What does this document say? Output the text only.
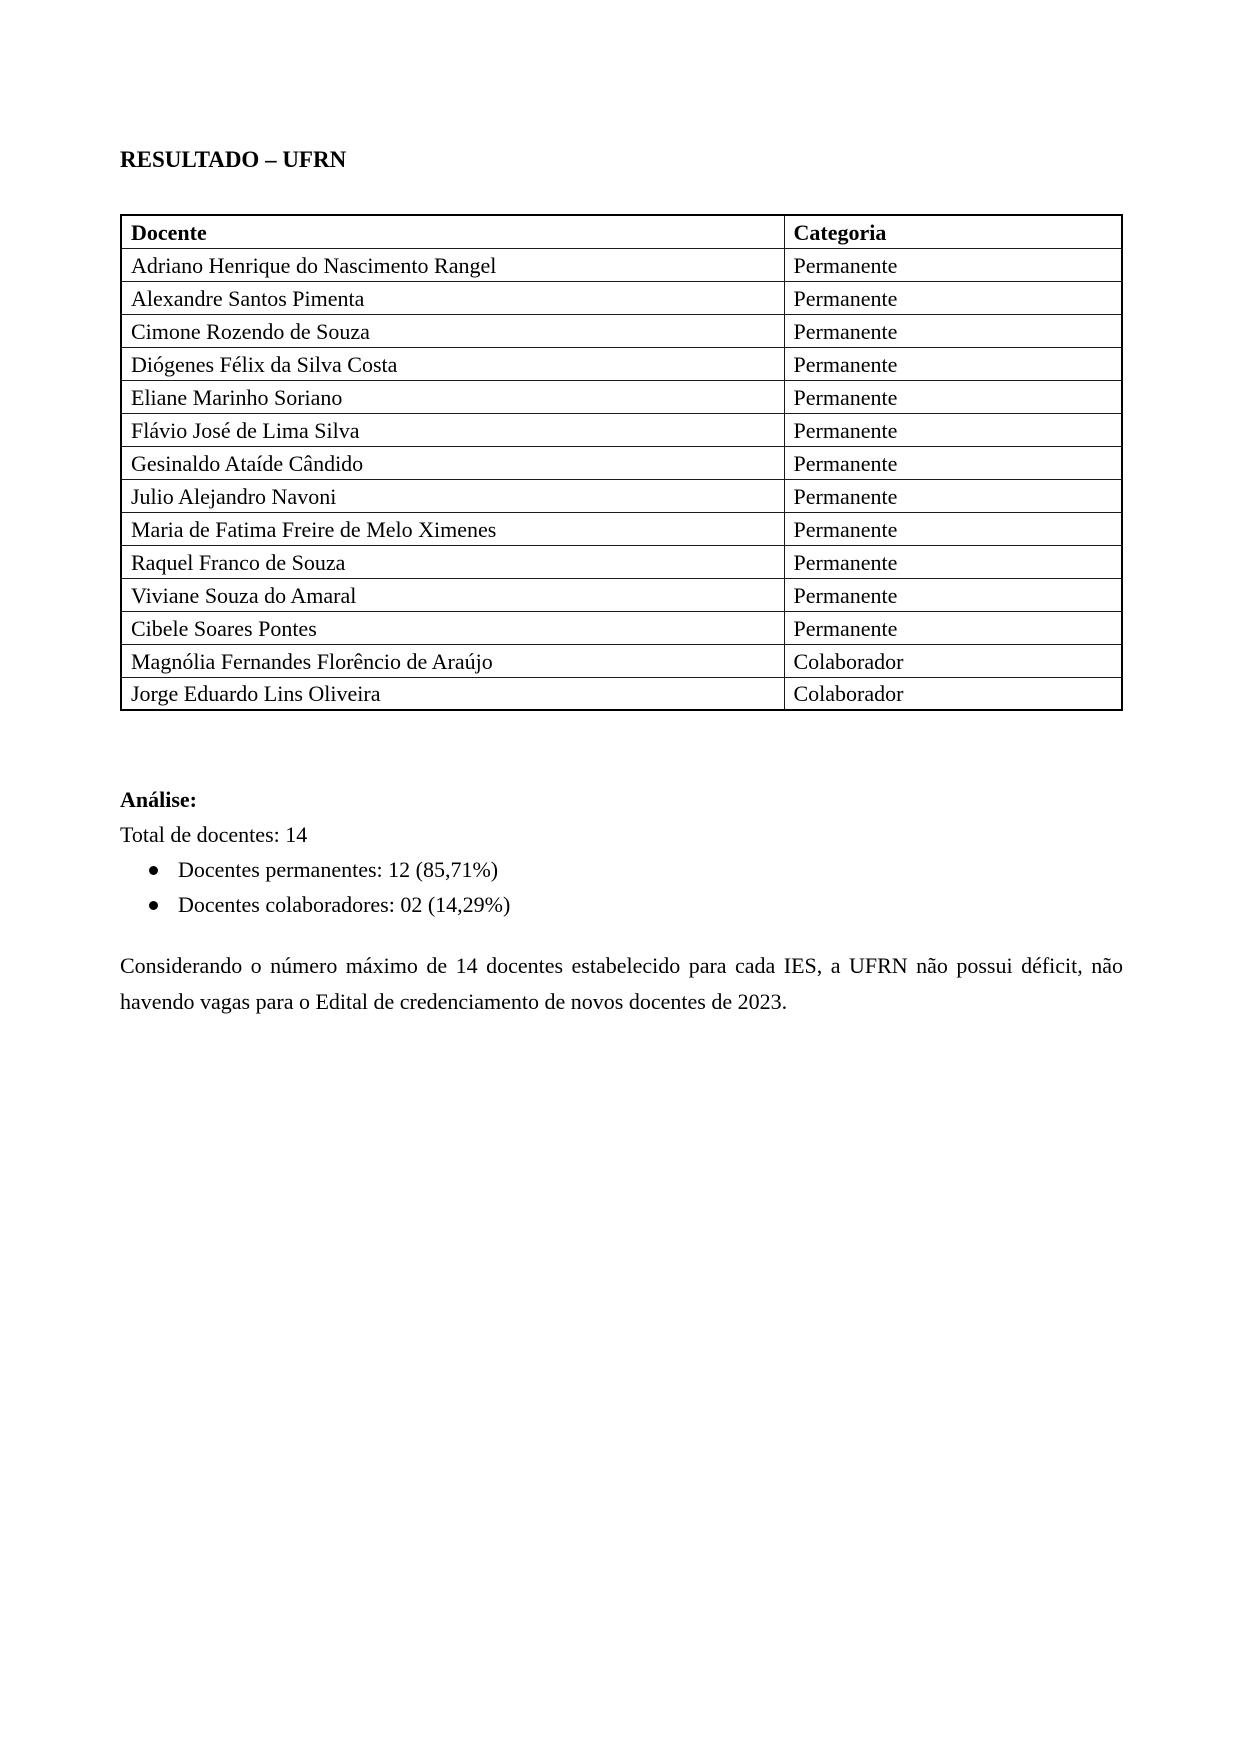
RESULTADO – UFRN
Docente	Categoria
Adriano Henrique do Nascimento Rangel	Permanente
Alexandre Santos Pimenta	Permanente
Cimone Rozendo de Souza	Permanente
Diógenes Félix da Silva Costa	Permanente
Eliane Marinho Soriano	Permanente
Flávio José de Lima Silva	Permanente
Gesinaldo Ataíde Cândido	Permanente
Julio Alejandro Navoni	Permanente
Maria de Fatima Freire de Melo Ximenes	Permanente
Raquel Franco de Souza	Permanente
Viviane Souza do Amaral	Permanente
Cibele Soares Pontes	Permanente
Magnólia Fernandes Florêncio de Araújo	Colaborador
Jorge Eduardo Lins Oliveira	Colaborador
Análise:
Total de docentes: 14
Docentes permanentes: 12 (85,71%)
Docentes colaboradores: 02 (14,29%)

Considerando o número máximo de 14 docentes estabelecido para cada IES, a UFRN não possui déficit, não havendo vagas para o Edital de credenciamento de novos docentes de 2023.
